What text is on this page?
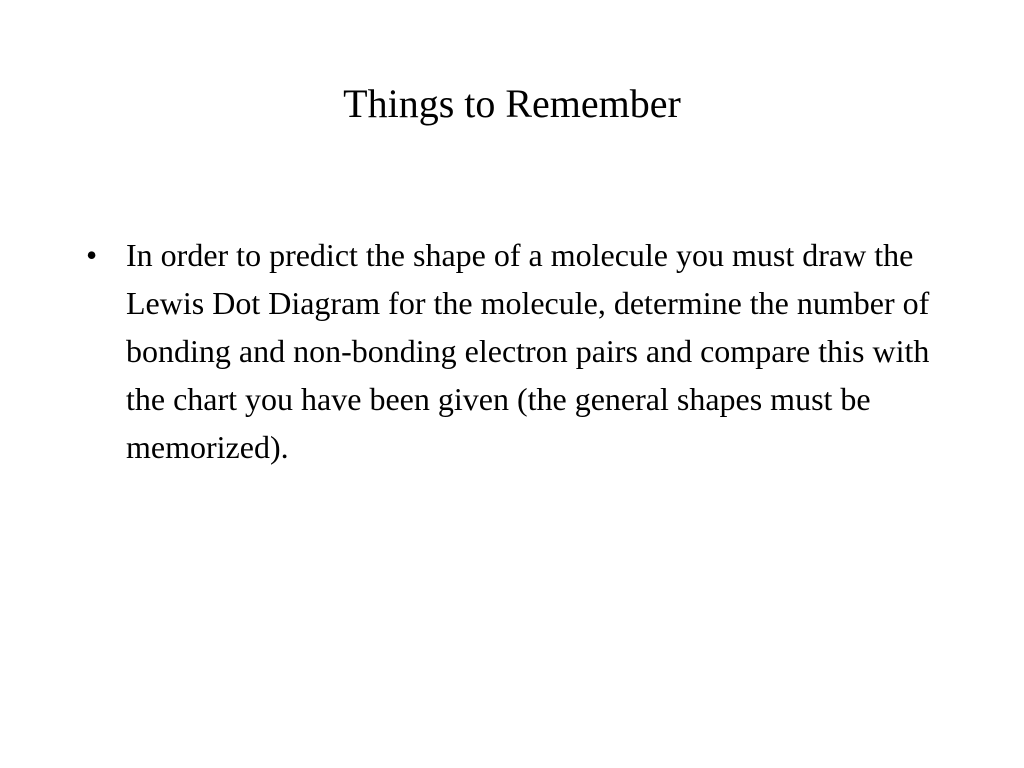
Things to Remember
• In order to predict the shape of a molecule you must draw the Lewis Dot Diagram for the molecule, determine the number of bonding and non-bonding electron pairs and compare this with the chart you have been given (the general shapes must be memorized).
